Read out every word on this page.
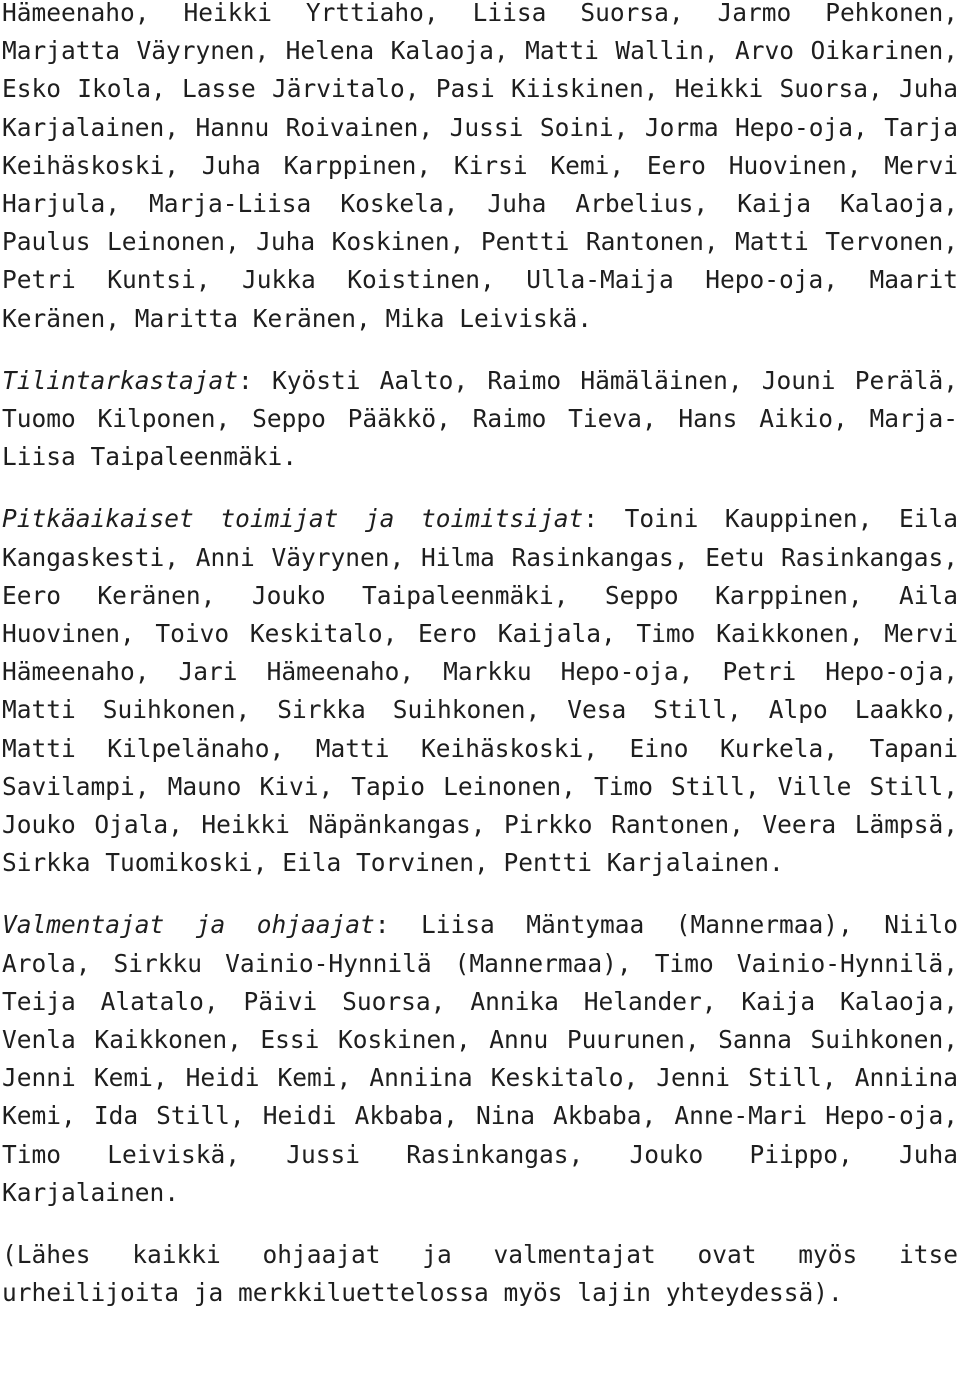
Hämeenaho, Heikki Yrttiaho, Liisa Suorsa, Jarmo Pehkonen, Marjatta Väyrynen, Helena Kalaoja, Matti Wallin, Arvo Oikarinen, Esko Ikola, Lasse Järvitalo, Pasi Kiiskinen, Heikki Suorsa, Juha Karjalainen, Hannu Roivainen, Jussi Soini, Jorma Hepo-oja, Tarja Keihäskoski, Juha Karppinen, Kirsi Kemi, Eero Huovinen, Mervi Harjula, Marja-Liisa Koskela, Juha Arbelius, Kaija Kalaoja, Paulus Leinonen, Juha Koskinen, Pentti Rantonen, Matti Tervonen, Petri Kuntsi, Jukka Koistinen, Ulla-Maija Hepo-oja, Maarit Keränen, Maritta Keränen, Mika Leiviskä.

Tilintarkastajat: Kyösti Aalto, Raimo Hämäläinen, Jouni Perälä, Tuomo Kilponen, Seppo Pääkkö, Raimo Tieva, Hans Aikio, Marja-Liisa Taipaleenmäki.

Pitkäaikaiset toimijat ja toimitsijat: Toini Kauppinen, Eila Kangaskesti, Anni Väyrynen, Hilma Rasinkangas, Eetu Rasinkangas, Eero Keränen, Jouko Taipaleenmäki, Seppo Karppinen, Aila Huovinen, Toivo Keskitalo, Eero Kaijala, Timo Kaikkonen, Mervi Hämeenaho, Jari Hämeenaho, Markku Hepo-oja, Petri Hepo-oja, Matti Suihkonen, Sirkka Suihkonen, Vesa Still, Alpo Laakko, Matti Kilpelänaho, Matti Keihäskoski, Eino Kurkela, Tapani Savilampi, Mauno Kivi, Tapio Leinonen, Timo Still, Ville Still, Jouko Ojala, Heikki Näpänkangas, Pirkko Rantonen, Veera Lämpsä, Sirkka Tuomikoski, Eila Torvinen, Pentti Karjalainen.

Valmentajat ja ohjaajat: Liisa Mäntymaa (Mannermaa), Niilo Arola, Sirkku Vainio-Hynnilä (Mannermaa), Timo Vainio-Hynnilä, Teija Alatalo, Päivi Suorsa, Annika Helander, Kaija Kalaoja, Venla Kaikkonen, Essi Koskinen, Annu Puurunen, Sanna Suihkonen, Jenni Kemi, Heidi Kemi, Anniina Keskitalo, Jenni Still, Anniina Kemi, Ida Still, Heidi Akbaba, Nina Akbaba, Anne-Mari Hepo-oja, Timo Leiviskä, Jussi Rasinkangas, Jouko Piippo, Juha Karjalainen.

(Lähes kaikki ohjaajat ja valmentajat ovat myös itse urheilijoita ja merkkiluettelossa myös lajin yhteydessä).
